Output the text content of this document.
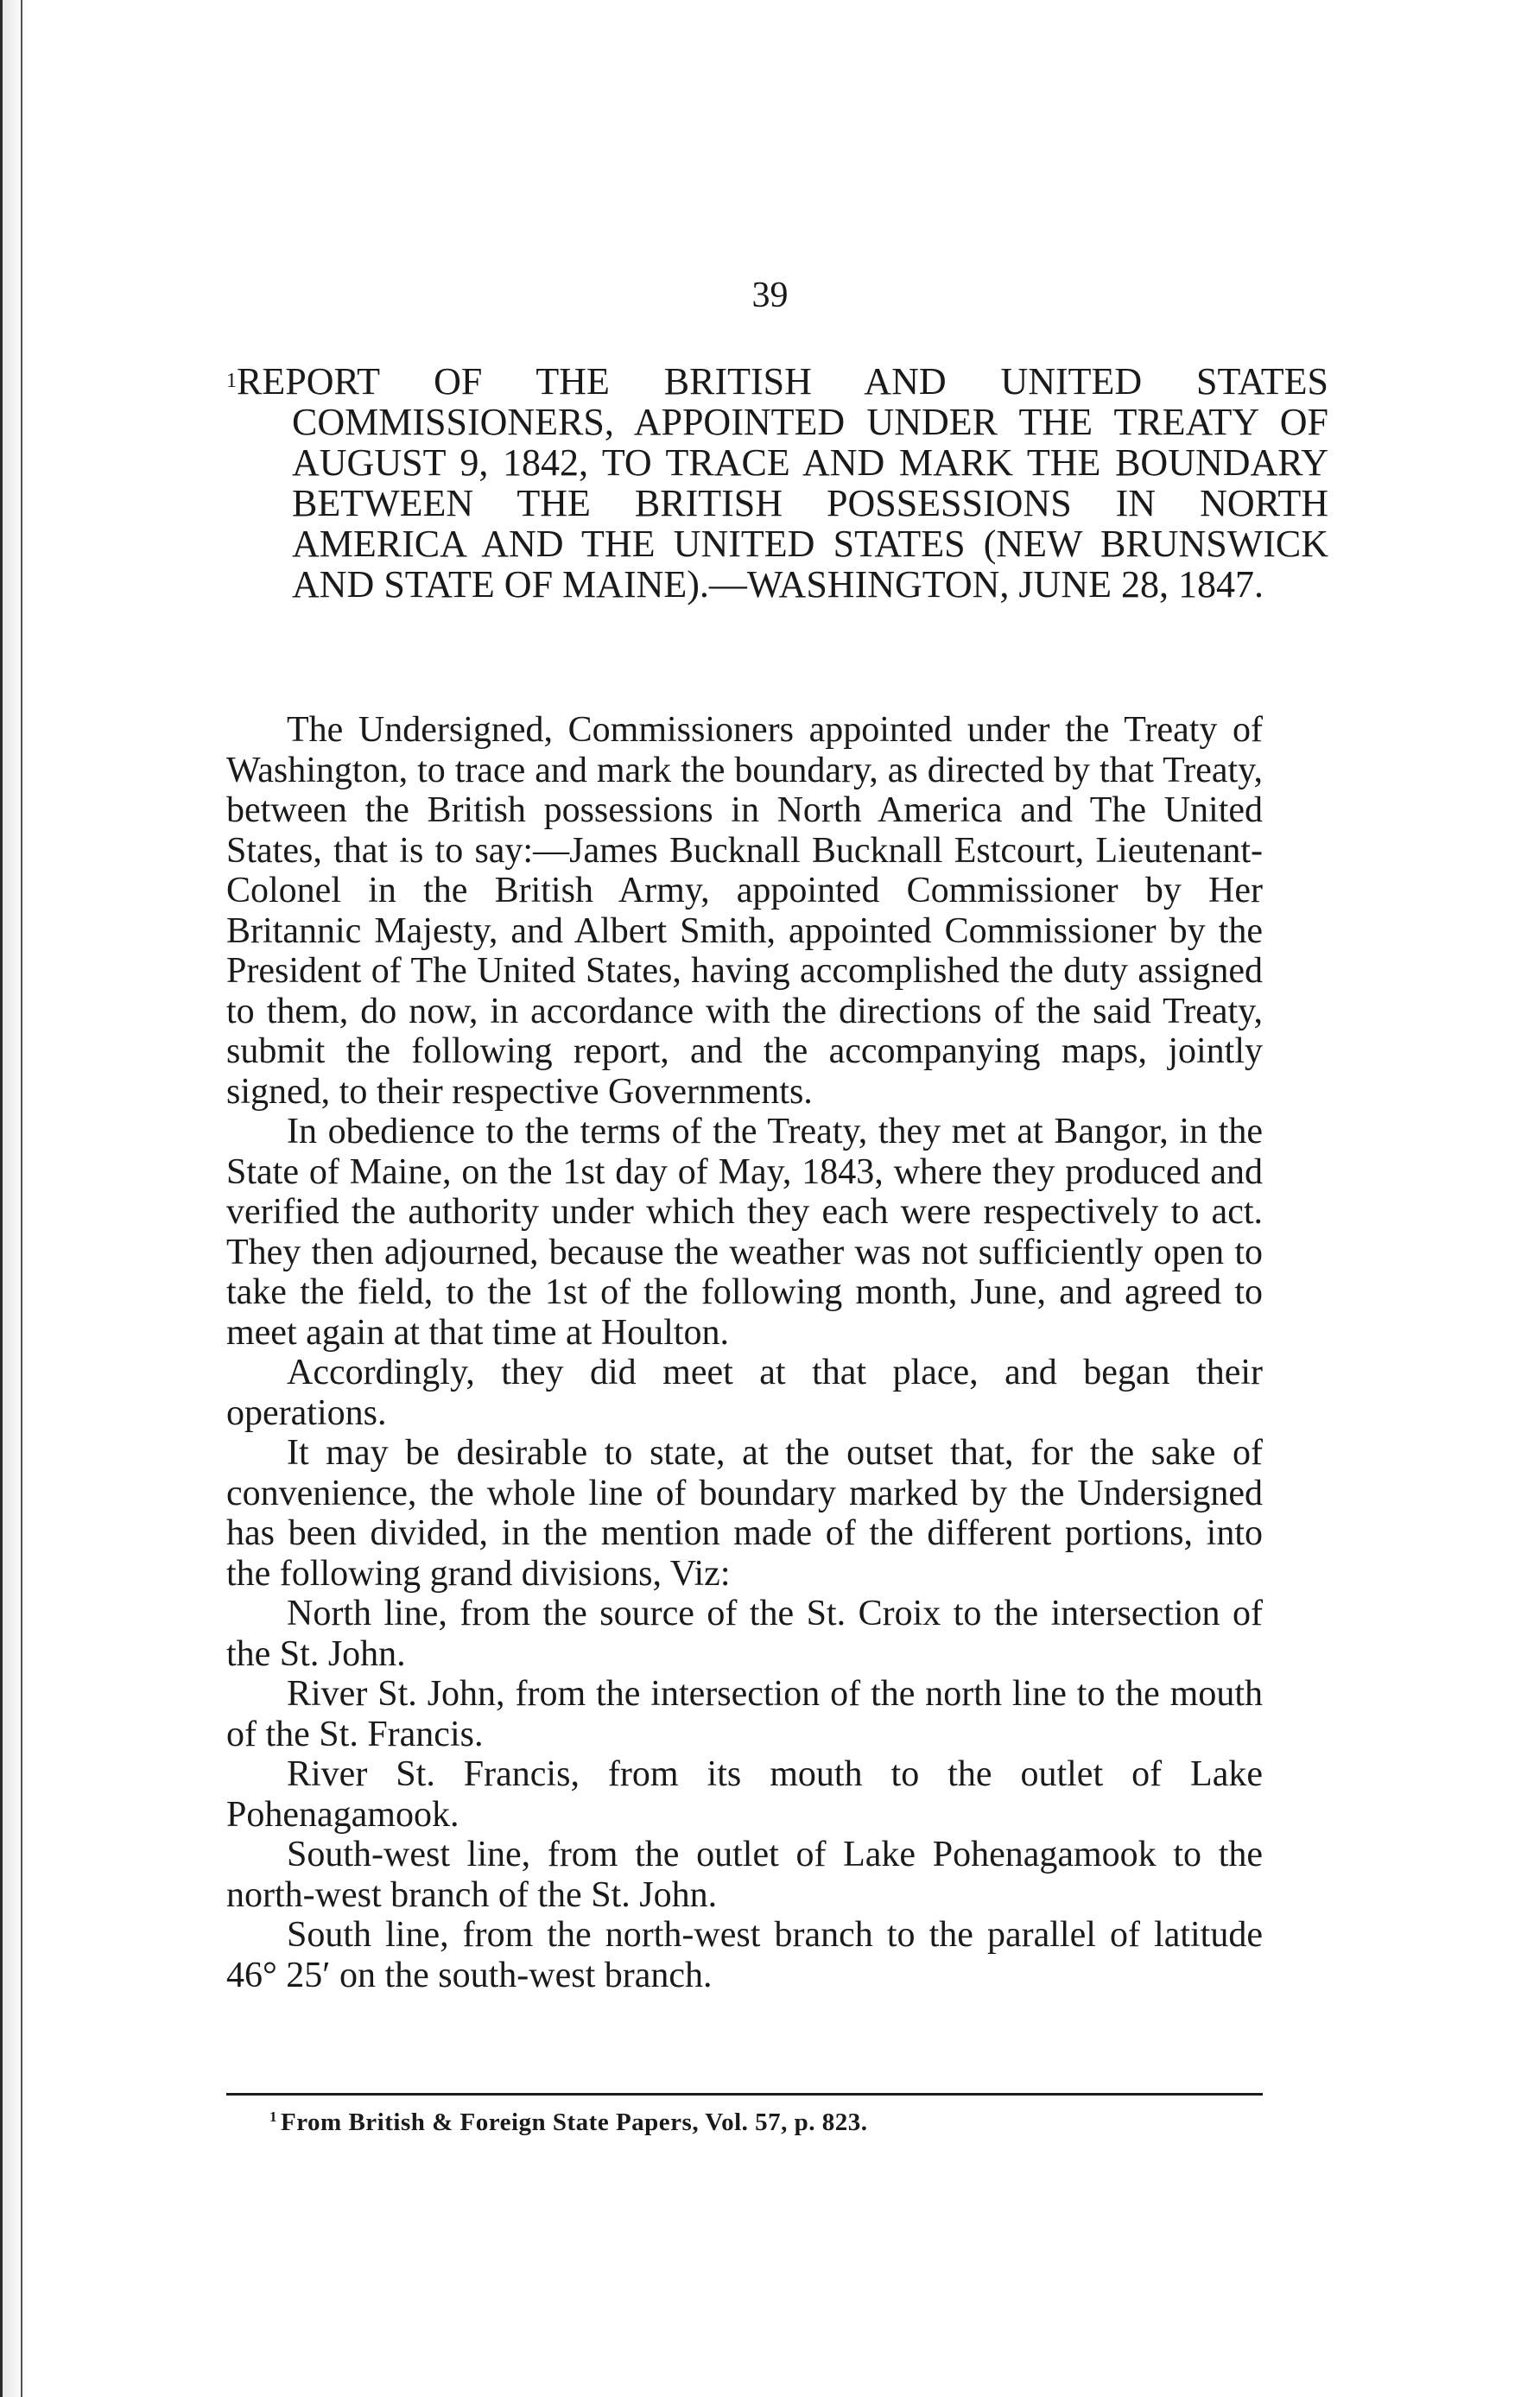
39
$^1$REPORT OF THE BRITISH AND UNITED STATES COMMISSIONERS, APPOINTED UNDER THE TREATY OF AUGUST 9, 1842, TO TRACE AND MARK THE BOUNDARY BETWEEN THE BRITISH POSSESSIONS IN NORTH AMERICA AND THE UNITED STATES (NEW BRUNSWICK AND STATE OF MAINE).—WASHINGTON, JUNE 28, 1847.

The Undersigned, Commissioners appointed under the Treaty of Washington, to trace and mark the boundary, as directed by that Treaty, between the British possessions in North America and The United States, that is to say:—James Bucknall Bucknall Estcourt, Lieutenant-Colonel in the British Army, appointed Commissioner by Her Britannic Majesty, and Albert Smith, appointed Commissioner by the President of The United States, having accomplished the duty assigned to them, do now, in accordance with the directions of the said Treaty, submit the following report, and the accompanying maps, jointly signed, to their respective Governments.

In obedience to the terms of the Treaty, they met at Bangor, in the State of Maine, on the 1st day of May, 1843, where they produced and verified the authority under which they each were respectively to act. They then adjourned, because the weather was not sufficiently open to take the field, to the 1st of the following month, June, and agreed to meet again at that time at Houlton.

Accordingly, they did meet at that place, and began their operations.

It may be desirable to state, at the outset that, for the sake of convenience, the whole line of boundary marked by the Undersigned has been divided, in the mention made of the different portions, into the following grand divisions, Viz:

North line, from the source of the St. Croix to the intersection of the St. John.

River St. John, from the intersection of the north line to the mouth of the St. Francis.

River St. Francis, from its mouth to the outlet of Lake Pohenagamook.

South-west line, from the outlet of Lake Pohenagamook to the north-west branch of the St. John.

South line, from the north-west branch to the parallel of latitude 46° 25′ on the south-west branch.

$^1$ From British & Foreign State Papers, Vol. 57, p. 823.
